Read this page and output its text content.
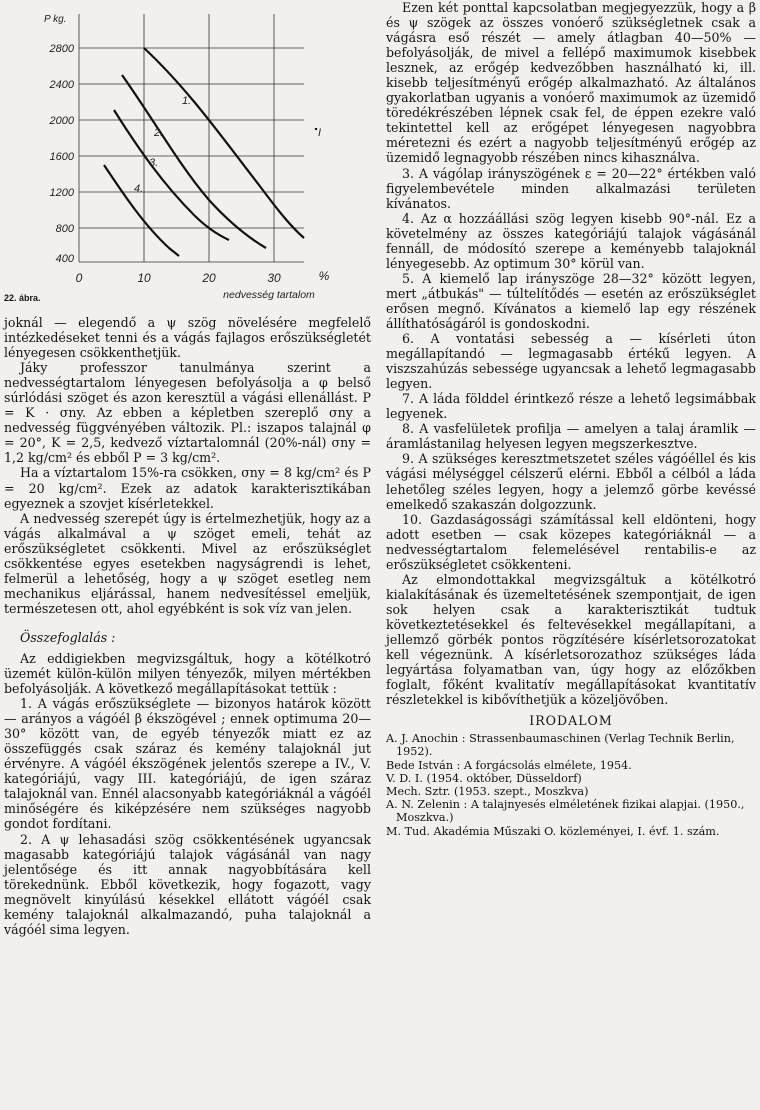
2800
2400
2000
1600
1200
800
400
P kg.
0	10	20	30	%
nedvesség tartalom
1.
2.
3.
4.
I
22. ábra.

joknál — elegendő a ψ szög növelésére megfelelő intézkedéseket tenni és a vágás fajlagos erőszükségletét lényegesen csökkenthetjük.

Jáky professzor tanulmánya szerint a nedvességtartalom lényegesen befolyásolja a φ belső súrlódási szöget és azon keresztül a vágási ellenállást. P = K · σny. Az ebben a képletben szereplő σny a nedvesség függvényében változik. Pl.: iszapos talajnál φ = 20°, K = 2,5, kedvező víztartalomnál (20%-nál) σny = 1,2 kg/cm² és ebből P = 3 kg/cm².

Ha a víztartalom 15%-ra csökken, σny = 8 kg/cm² és P = 20 kg/cm². Ezek az adatok karakterisztikában egyeznek a szovjet kísérletekkel.

A nedvesség szerepét úgy is értelmezhetjük, hogy az a vágás alkalmával a ψ szöget emeli, tehát az erőszükségletet csökkenti. Mivel az erőszükséglet csökkentése egyes esetekben nagyságrendi is lehet, felmerül a lehetőség, hogy a ψ szöget esetleg nem mechanikus eljárással, hanem nedvesítéssel emeljük, természetesen ott, ahol egyébként is sok víz van jelen.

Összefoglalás :

Az eddigiekben megvizsgáltuk, hogy a kötélkotró üzemét külön-külön milyen tényezők, milyen mértékben befolyásolják. A következő megállapításokat tettük :

1. A vágás erőszükséglete — bizonyos határok között — arányos a vágóél β ékszögével ; ennek optimuma 20—30° között van, de egyéb tényezők miatt ez az összefüggés csak száraz és kemény talajoknál jut érvényre. A vágóél ékszögének jelentős szerepe a IV., V. kategóriájú, vagy III. kategóriájú, de igen száraz talajoknál van. Ennél alacsonyabb kategóriáknál a vágóél minőségére és kiképzésére nem szükséges nagyobb gondot fordítani.

2. A ψ lehasadási szög csökkentésének ugyancsak magasabb kategóriájú talajok vágásánál van nagy jelentősége és itt annak nagyobbítására kell törekednünk. Ebből következik, hogy fogazott, vagy megnövelt kinyúlású késekkel ellátott vágóél csak kemény talajoknál alkalmazandó, puha talajoknál a vágóél sima legyen.

Ezen két ponttal kapcsolatban megjegyezzük, hogy a β és ψ szögek az összes vonóerő szükségletnek csak a vágásra eső részét — amely átlagban 40—50% — befolyásolják, de mivel a fellépő maximumok kisebbek lesznek, az erőgép kedvezőbben használható ki, ill. kisebb teljesítményű erőgép alkalmazható. Az általános gyakorlatban ugyanis a vonóerő maximumok az üzemidő töredékrészében lépnek csak fel, de éppen ezekre való tekintettel kell az erőgépet lényegesen nagyobbra méretezni és ezért a nagyobb teljesítményű erőgép az üzemidő legnagyobb részében nincs kihasználva.

3. A vágólap irányszögének ε = 20—22° értékben való figyelembevétele minden alkalmazási területen kívánatos.

4. Az α hozzáállási szög legyen kisebb 90°-nál. Ez a követelmény az összes kategóriájú talajok vágásánál fennáll, de módosító szerepe a keményebb talajoknál lényegesebb. Az optimum 30° körül van.

5. A kiemelő lap irányszöge 28—32° között legyen, mert „átbukás" — túltelítődés — esetén az erőszükséglet erősen megnő. Kívánatos a kiemelő lap egy részének állíthatóságáról is gondoskodni.

6. A vontatási sebesség a — kísérleti úton megállapítandó — legmagasabb értékű legyen. A viszszahúzás sebessége ugyancsak a lehető legmagasabb legyen.

7. A láda földdel érintkező része a lehető legsimábbak legyenek.

8. A vasfelületek profilja — amelyen a talaj áramlik — áramlástanilag helyesen legyen megszerkesztve.

9. A szükséges keresztmetszetet széles vágóéllel és kis vágási mélységgel célszerű elérni. Ebből a célból a láda lehetőleg széles legyen, hogy a jelemző görbe kevéssé emelkedő szakaszán dolgozzunk.

10. Gazdaságossági számítással kell eldönteni, hogy adott esetben — csak közepes kategóriáknál — a nedvességtartalom felemelésével rentabilis-e az erőszükségletet csökkenteni.

Az elmondottakkal megvizsgáltuk a kötélkotró kialakításának és üzemeltetésének szempontjait, de igen sok helyen csak a karakterisztikát tudtuk következtetésekkel és feltevésekkel megállapítani, a jellemző görbék pontos rögzítésére kísérletsorozatokat kell végeznünk. A kísérletsorozathoz szükséges láda legyártása folyamatban van, úgy hogy az előzőkben foglalt, főként kvalitatív megállapításokat kvantitatív részletekkel is kibővíthetjük a közeljövőben.

IRODALOM

A. J. Anochin : Strassenbaumaschinen (Verlag Technik Berlin, 1952).

Bede István : A forgácsolás elmélete, 1954.

V. D. I. (1954. október, Düsseldorf)

Mech. Sztr. (1953. szept., Moszkva)

A. N. Zelenin : A talajnyesés elméletének fizikai alapjai. (1950., Moszkva.)

M. Tud. Akadémia Műszaki O. közleményei, I. évf. 1. szám.
